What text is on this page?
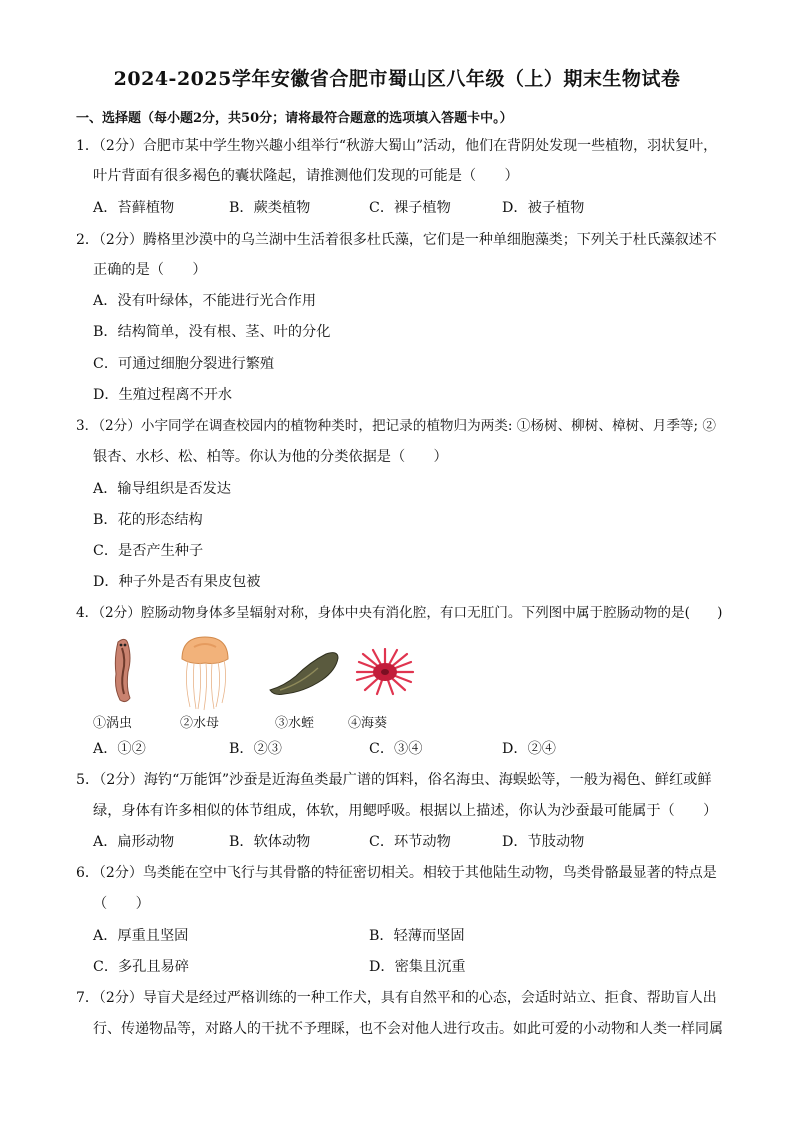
2024-2025学年安徽省合肥市蜀山区八年级（上）期末生物试卷
一、选择题（每小题2分，共50分；请将最符合题意的选项填入答题卡中。）
1．（2分）合肥市某中学生物兴趣小组举行“秋游大蜀山”活动，他们在背阴处发现一些植物，羽状复叶，
叶片背面有很多褐色的囊状隆起，请推测他们发现的可能是（　　）
A．苔藓植物	B．蕨类植物	C．裸子植物	D．被子植物
2．（2分）腾格里沙漠中的乌兰湖中生活着很多杜氏藻，它们是一种单细胞藻类；下列关于杜氏藻叙述不
正确的是（　　）
A．没有叶绿体，不能进行光合作用
B．结构简单，没有根、茎、叶的分化
C．可通过细胞分裂进行繁殖
D．生殖过程离不开水
3．（2分）小宇同学在调查校园内的植物种类时，把记录的植物归为两类: ①杨树、柳树、樟树、月季等; ②
银杏、水杉、松、柏等。你认为他的分类依据是（　　）
A．输导组织是否发达
B．花的形态结构
C．是否产生种子
D．种子外是否有果皮包被
4．（2分）腔肠动物身体多呈辐射对称，身体中央有消化腔，有口无肛门。下列图中属于腔肠动物的是(　　)
①涡虫	②水母	③水蛭	④海葵
A．①②	B．②③	C．③④	D．②④
5．（2分）海钓“万能饵”沙蚕是近海鱼类最广谱的饵料，俗名海虫、海蜈蚣等，一般为褐色、鲜红或鲜
绿，身体有许多相似的体节组成，体软，用鳃呼吸。根据以上描述，你认为沙蚕最可能属于（　　）
A．扁形动物	B．软体动物	C．环节动物	D．节肢动物
6．（2分）鸟类能在空中飞行与其骨骼的特征密切相关。相较于其他陆生动物，鸟类骨骼最显著的特点是
（　　）
A．厚重且坚固	B．轻薄而坚固
C．多孔且易碎	D．密集且沉重
7．（2分）导盲犬是经过严格训练的一种工作犬，具有自然平和的心态，会适时站立、拒食、帮助盲人出
行、传递物品等，对路人的干扰不予理睬，也不会对他人进行攻击。如此可爱的小动物和人类一样同属
